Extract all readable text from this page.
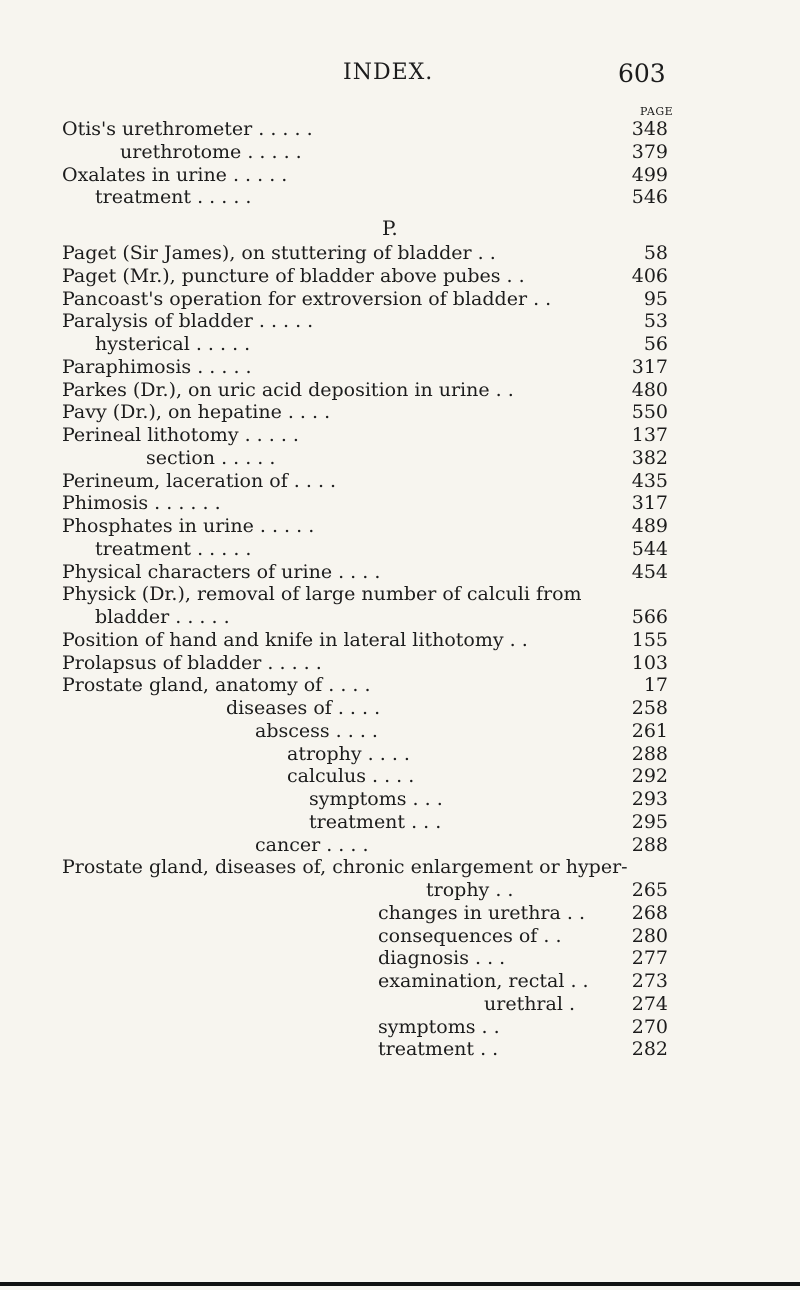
INDEX.	603
PAGE
Otis's urethrometer . . . . .	348
urethrotome . . . . .	379
Oxalates in urine . . . . .	499
treatment . . . . .	546
P.
Paget (Sir James), on stuttering of bladder . .	58
Paget (Mr.), puncture of bladder above pubes . .	406
Pancoast's operation for extroversion of bladder . .	95
Paralysis of bladder . . . . .	53
hysterical . . . . .	56
Paraphimosis . . . . .	317
Parkes (Dr.), on uric acid deposition in urine . .	480
Pavy (Dr.), on hepatine . . . .	550
Perineal lithotomy . . . . .	137
section . . . . .	382
Perineum, laceration of . . . .	435
Phimosis . . . . . .	317
Phosphates in urine . . . . .	489
treatment . . . . .	544
Physical characters of urine . . . .	454
Physick (Dr.), removal of large number of calculi from
bladder . . . . .	566
Position of hand and knife in lateral lithotomy . .	155
Prolapsus of bladder . . . . .	103
Prostate gland, anatomy of . . . .	17
diseases of . . . .	258
abscess . . . .	261
atrophy . . . .	288
calculus . . . .	292
symptoms . . .	293
treatment . . .	295
cancer . . . .	288
Prostate gland, diseases of, chronic enlargement or hyper-
trophy . .	265
changes in urethra . . 268
consequences of . .	280
diagnosis . . .	277
examination, rectal . . 273
urethral .	274
symptoms . .	270
treatment . .	282
